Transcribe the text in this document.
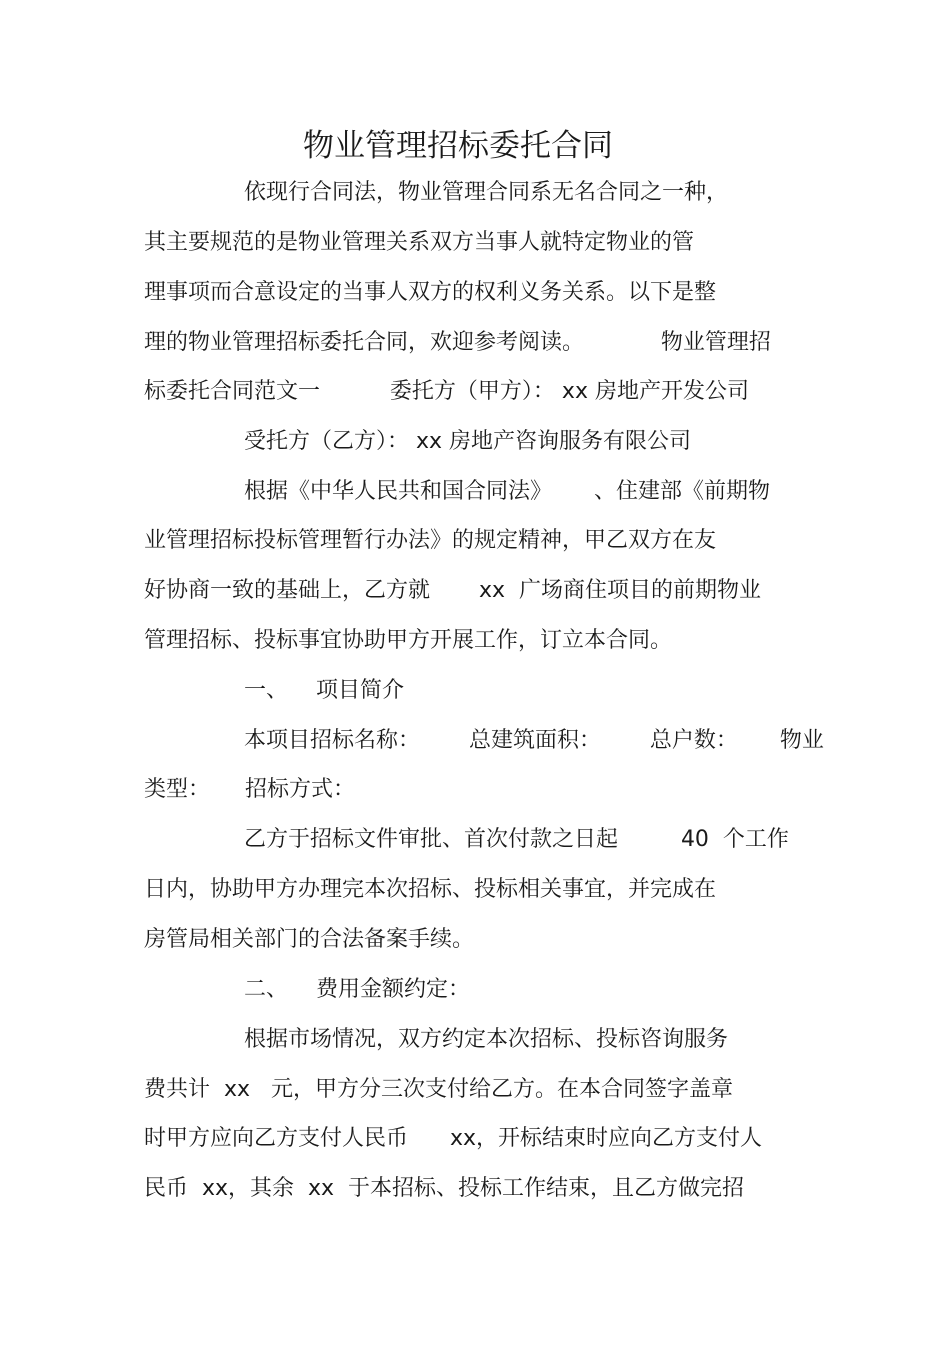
物业管理招标委托合同
依现行合同法，物业管理合同系无名合同之一种，
其主要规范的是物业管理关系双方当事人就特定物业的管
理事项而合意设定的当事人双方的权利义务关系。以下是整
理的物业管理招标委托合同，欢迎参考阅读。           物业管理招
标委托合同范文一          委托方（甲方）： xx 房地产开发公司
受托方（乙方）： xx 房地产咨询服务有限公司
根据《中华人民共和国合同法》      、住建部《前期物
业管理招标投标管理暂行办法》的规定精神，甲乙双方在友
好协商一致的基础上，乙方就       xx  广场商住项目的前期物业
管理招标、投标事宜协助甲方开展工作，订立本合同。
一、    项目简介
本项目招标名称：       总建筑面积：       总户数：      物业
类型：     招标方式：
乙方于招标文件审批、首次付款之日起         40  个工作
日内，协助甲方办理完本次招标、投标相关事宜，并完成在
房管局相关部门的合法备案手续。
二、    费用金额约定：
根据市场情况，双方约定本次招标、投标咨询服务
费共计  xx   元，甲方分三次支付给乙方。在本合同签字盖章
时甲方应向乙方支付人民币      xx，开标结束时应向乙方支付人
民币  xx，其余  xx  于本招标、投标工作结束，且乙方做完招
